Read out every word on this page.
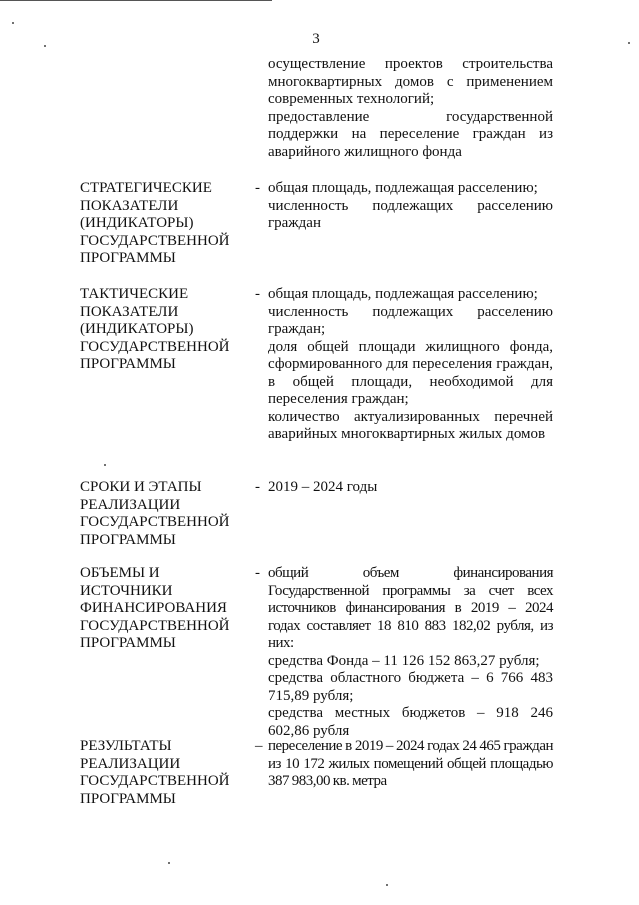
3

осуществление проектов строительства многоквартирных домов с применением современных технологий;

предоставление государственной поддержки на переселение граждан из аварийного жилищного фонда

СТРАТЕГИЧЕСКИЕ ПОКАЗАТЕЛИ (ИНДИКАТОРЫ) ГОСУДАРСТВЕННОЙ ПРОГРАММЫ
- общая площадь, подлежащая расселению;

численность подлежащих расселению граждан

ТАКТИЧЕСКИЕ ПОКАЗАТЕЛИ (ИНДИКАТОРЫ) ГОСУДАРСТВЕННОЙ ПРОГРАММЫ
- общая площадь, подлежащая расселению;

численность подлежащих расселению граждан;

доля общей площади жилищного фонда, сформированного для переселения граждан, в общей площади, необходимой для переселения граждан;

количество актуализированных перечней аварийных многоквартирных жилых домов

СРОКИ И ЭТАПЫ РЕАЛИЗАЦИИ ГОСУДАРСТВЕННОЙ ПРОГРАММЫ
- 2019 – 2024 годы

ОБЪЕМЫ И ИСТОЧНИКИ ФИНАНСИРОВАНИЯ ГОСУДАРСТВЕННОЙ ПРОГРАММЫ
- общий объем финансирования Государственной программы за счет всех источников финансирования в 2019 – 2024 годах составляет 18 810 883 182,02 рубля, из них:

средства Фонда – 11 126 152 863,27 рубля;

средства областного бюджета – 6 766 483 715,89 рубля;

средства местных бюджетов – 918 246 602,86 рубля

РЕЗУЛЬТАТЫ РЕАЛИЗАЦИИ ГОСУДАРСТВЕННОЙ ПРОГРАММЫ
– переселение в 2019 – 2024 годах 24 465 граждан из 10 172 жилых помещений общей площадью 387 983,00 кв. метра
